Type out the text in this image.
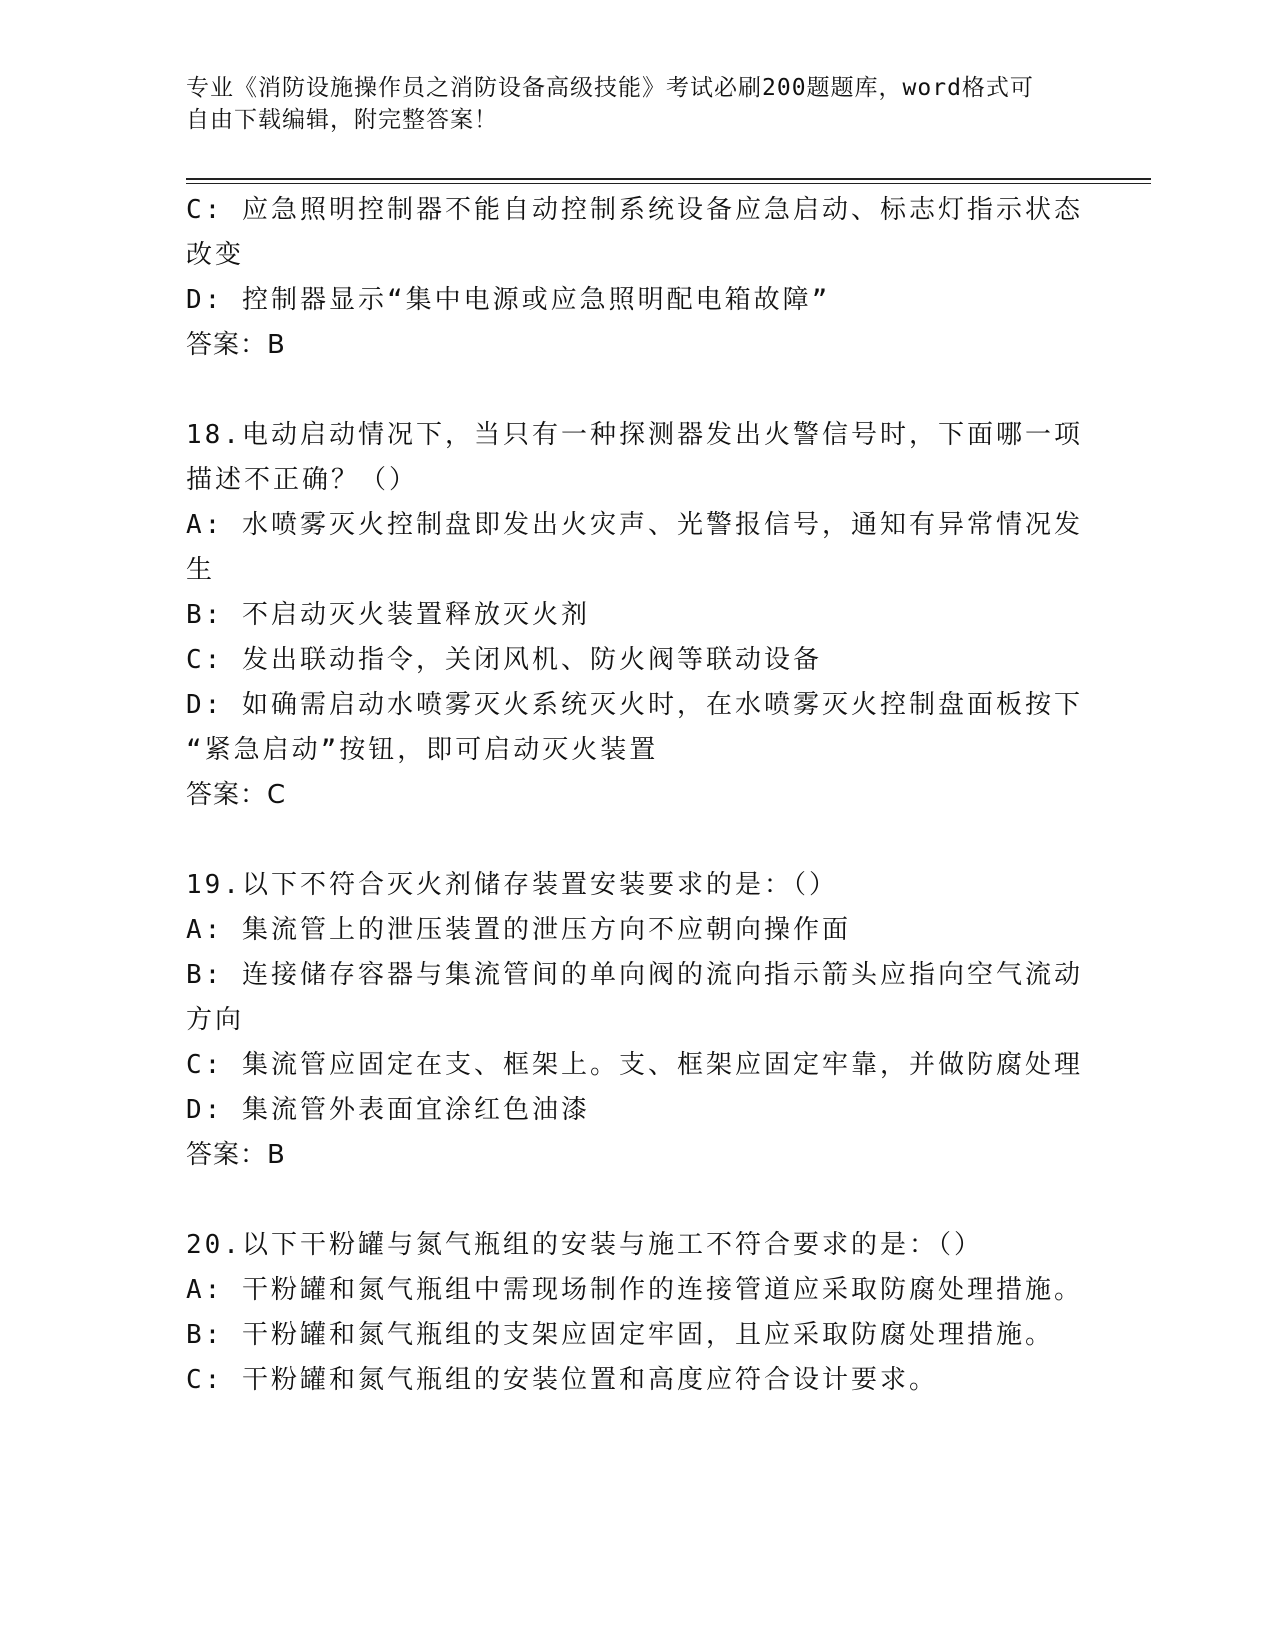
专业《消防设施操作员之消防设备高级技能》考试必刷200题题库，word格式可
自由下载编辑，附完整答案！
C: 应急照明控制器不能自动控制系统设备应急启动、标志灯指示状态
改变
D: 控制器显示“集中电源或应急照明配电箱故障”
答案：B
18.电动启动情况下，当只有一种探测器发出火警信号时，下面哪一项
描述不正确？（）
A: 水喷雾灭火控制盘即发出火灾声、光警报信号，通知有异常情况发
生
B: 不启动灭火装置释放灭火剂
C: 发出联动指令，关闭风机、防火阀等联动设备
D: 如确需启动水喷雾灭火系统灭火时，在水喷雾灭火控制盘面板按下
“紧急启动”按钮，即可启动灭火装置
答案：C
19.以下不符合灭火剂储存装置安装要求的是：（）
A: 集流管上的泄压装置的泄压方向不应朝向操作面
B: 连接储存容器与集流管间的单向阀的流向指示箭头应指向空气流动
方向
C: 集流管应固定在支、框架上。支、框架应固定牢靠，并做防腐处理
D: 集流管外表面宜涂红色油漆
答案：B
20.以下干粉罐与氮气瓶组的安装与施工不符合要求的是：（）
A: 干粉罐和氮气瓶组中需现场制作的连接管道应采取防腐处理措施。
B: 干粉罐和氮气瓶组的支架应固定牢固，且应采取防腐处理措施。
C: 干粉罐和氮气瓶组的安装位置和高度应符合设计要求。
